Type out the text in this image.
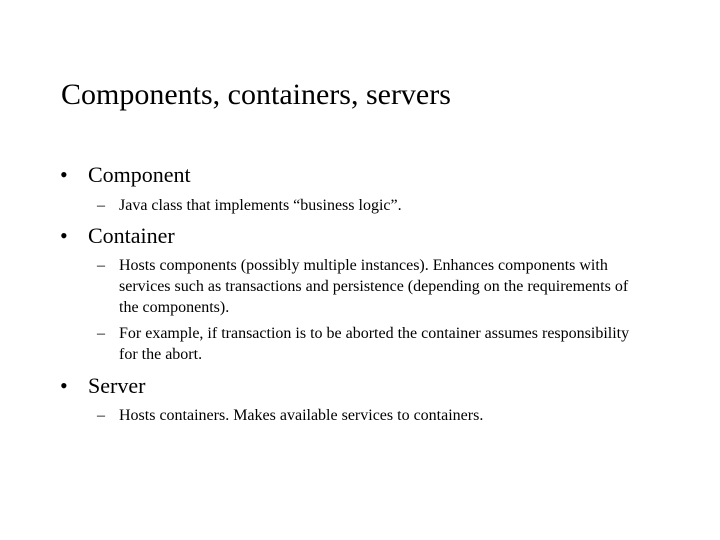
Components, containers, servers
• Component
– Java class that implements “business logic”.
• Container
– Hosts components (possibly multiple instances). Enhances components with services such as transactions and persistence (depending on the requirements of the components).
– For example, if transaction is to be aborted the container assumes responsibility for the abort.
• Server
– Hosts containers. Makes available services to containers.
